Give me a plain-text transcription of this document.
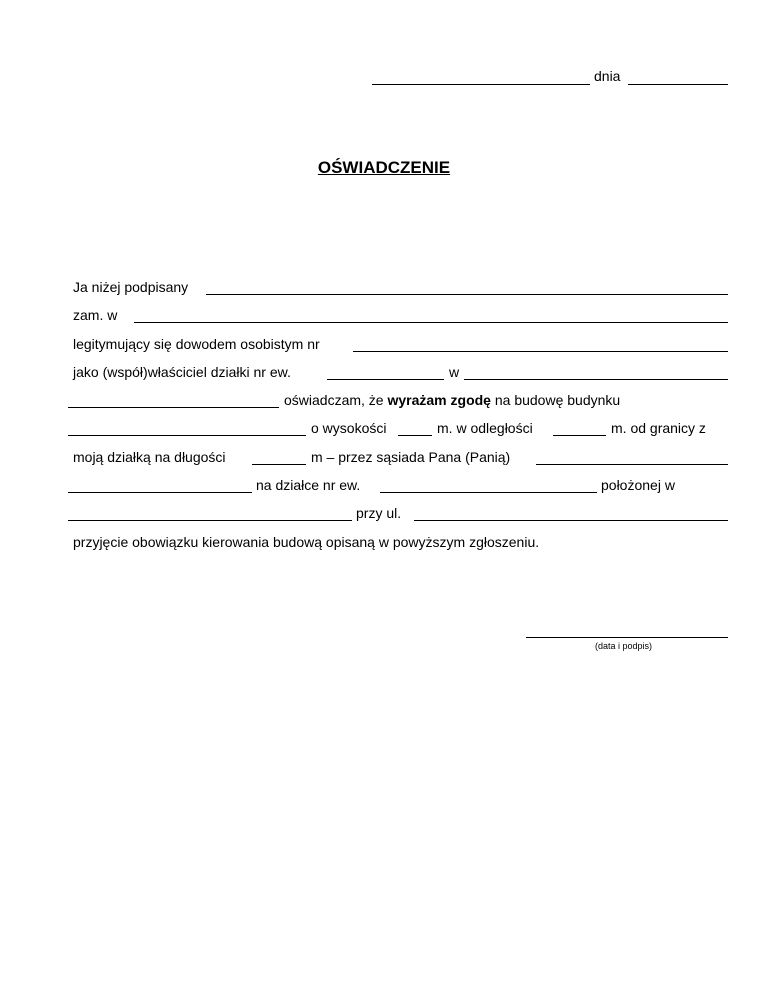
dnia
OŚWIADCZENIE
Ja niżej podpisany
zam. w
legitymujący się dowodem osobistym nr
jako (współ)właściciel działki nr ew.	w
oświadczam, że wyrażam zgodę na budowę budynku
o wysokości	m. w odległości	m. od granicy z
moją działką na długości	m – przez sąsiada Pana (Panią)
na działce nr ew.	położonej w
przy ul.
przyjęcie obowiązku kierowania budową opisaną w powyższym zgłoszeniu.
(data i podpis)
